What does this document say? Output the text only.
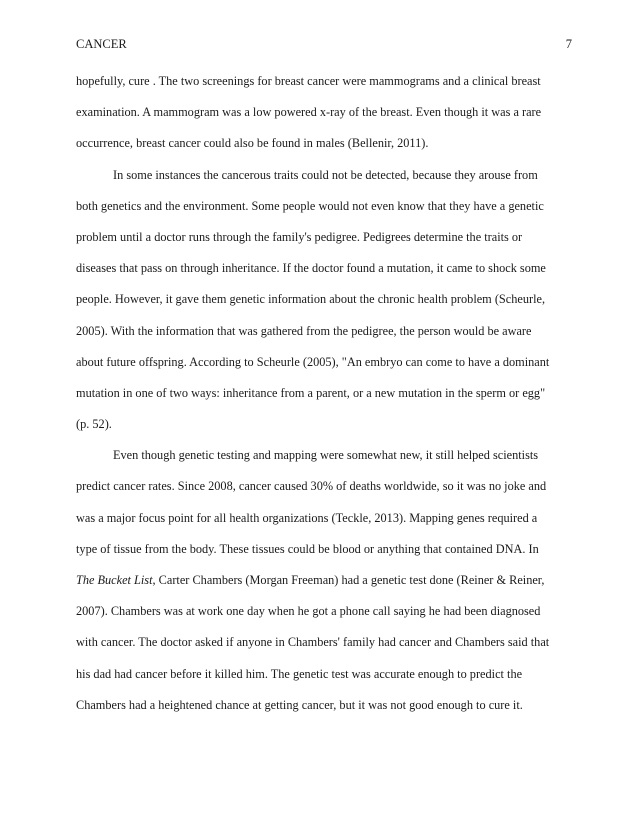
CANCER	7
hopefully, cure . The two screenings for breast cancer were mammograms and a clinical breast
examination. A mammogram was a low powered x-ray of the breast. Even though it was a rare
occurrence, breast cancer could also be found in males (Bellenir, 2011).
In some instances the cancerous traits could not be detected, because they arouse from
both genetics and the environment. Some people would not even know that they have a genetic
problem until a doctor runs through the family's pedigree. Pedigrees determine the traits or
diseases that pass on through inheritance. If the doctor found a mutation, it came to shock some
people. However, it gave them genetic information about the chronic health problem (Scheurle,
2005). With the information that was gathered from the pedigree, the person would be aware
about future offspring. According to Scheurle (2005), "An embryo can come to have a dominant
mutation in one of two ways: inheritance from a parent, or a new mutation in the sperm or egg"
(p. 52).
Even though genetic testing and mapping were somewhat new, it still helped scientists
predict cancer rates. Since 2008, cancer caused 30% of deaths worldwide, so it was no joke and
was a major focus point for all health organizations (Teckle, 2013). Mapping genes required a
type of tissue from the body. These tissues could be blood or anything that contained DNA. In
The Bucket List, Carter Chambers (Morgan Freeman) had a genetic test done (Reiner & Reiner,
2007). Chambers was at work one day when he got a phone call saying he had been diagnosed
with cancer. The doctor asked if anyone in Chambers' family had cancer and Chambers said that
his dad had cancer before it killed him. The genetic test was accurate enough to predict the
Chambers had a heightened chance at getting cancer, but it was not good enough to cure it.
